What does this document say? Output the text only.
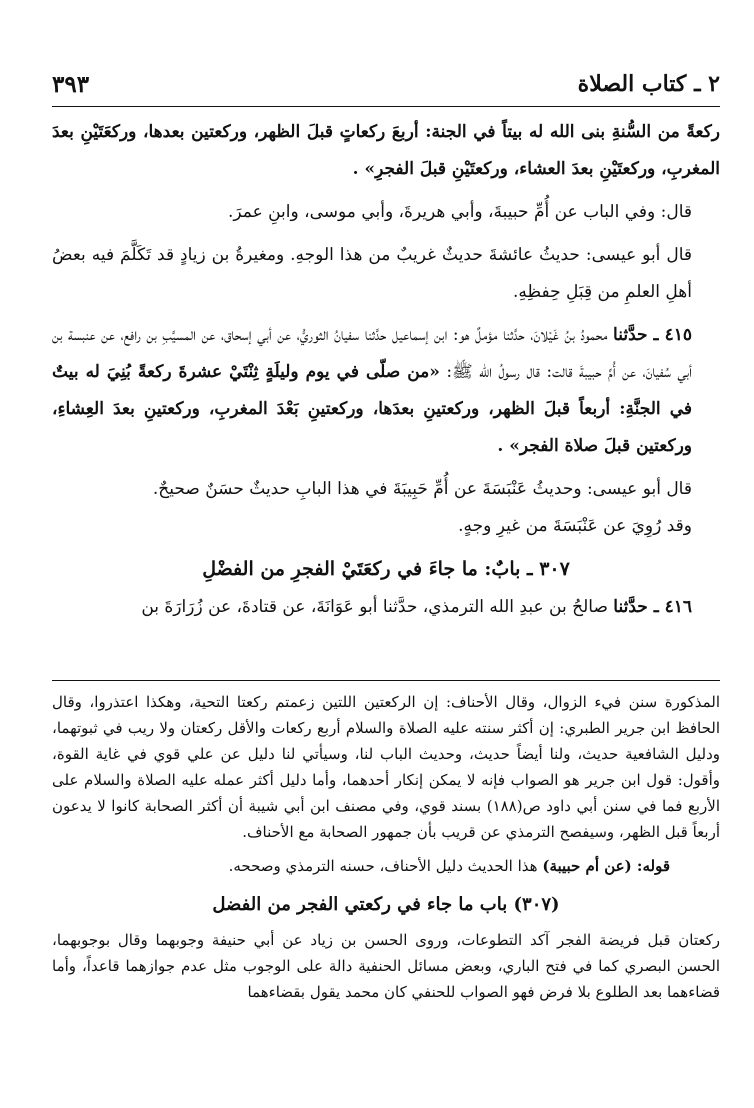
٢ ـ كتاب الصلاة
٣٩٣

ركعةً من السُّنةِ بنى الله له بيتاً في الجنة: أربعَ ركعاتٍ قبلَ الظهر، وركعتين بعدها، وركعَتَيْنِ بعدَ المغربِ، وركعتَيْنِ بعدَ العشاء، وركعتَيْنِ قبلَ الفجرِ» .

قال: وفي الباب عن أُمِّ حبيبةَ، وأبي هريرةَ، وأبي موسى، وابنِ عمرَ.

قال أبو عيسى: حديثُ عائشةَ حديثٌ غريبٌ من هذا الوجهِ. ومغيرةُ بن زيادٍ قد تَكَلَّمَ فيه بعضُ أهلِ العلمِ من قِبَلِ حِفظِهِ.

٤١٥ ـ حدَّثنا محمودُ بنُ غَيْلانَ، حدَّثنا مؤملٌ هو: ابن إسماعيل حدَّثنا سفيانُ الثوريُّ، عن أبي إسحاق، عن المسيَّبِ بن رافع، عن عنبسة بن أبي سُفيانَ، عن أُمِّ حبيبةَ قالت: قال رسولُ الله ﷺ: «من صلّى في يوم وليلَةٍ ثِنْتَيْ عشرةَ ركعةً بُنِيَ له بيتٌ في الجنَّةِ: أربعاً قبلَ الظهر، وركعتينِ بعدَها، وركعتينِ بَعْدَ المغربِ، وركعتينِ بعدَ العِشاءِ، وركعتين قبلَ صلاة الفجر» .

قال أبو عيسى: وحديثُ عَنْبَسَةَ عن أُمِّ حَبِيبَةَ في هذا البابِ حديثٌ حسَنٌ صحيحٌ.

وقد رُوِيَ عن عَنْبَسَةَ من غيرِ وجهٍ.

٣٠٧ ـ بابٌ: ما جاءَ في ركعَتَيْ الفجرِ من الفضْلِ

٤١٦ ـ حدَّثنا صالحُ بن عبدِ الله الترمذي، حدَّثنا أبو عَوَانَةَ، عن قتادةَ، عن زُرَارَةَ بن

المذكورة سنن فيء الزوال، وقال الأحناف: إن الركعتين اللتين زعمتم ركعتا التحية، وهكذا اعتذروا، وقال الحافظ ابن جرير الطبري: إن أكثر سنته عليه الصلاة والسلام أربع ركعات والأقل ركعتان ولا ريب في ثبوتهما، ودليل الشافعية حديث، ولنا أيضاً حديث، وحديث الباب لنا، وسيأتي لنا دليل عن علي قوي في غاية القوة، وأقول: قول ابن جرير هو الصواب فإنه لا يمكن إنكار أحدهما، وأما دليل أكثر عمله عليه الصلاة والسلام على الأربع فما في سنن أبي داود ص(١٨٨) بسند قوي، وفي مصنف ابن أبي شيبة أن أكثر الصحابة كانوا لا يدعون أربعاً قبل الظهر، وسيفصح الترمذي عن قريب بأن جمهور الصحابة مع الأحناف.

قوله: (عن أم حبيبة) هذا الحديث دليل الأحناف، حسنه الترمذي وصححه.

(٣٠٧) باب ما جاء في ركعتي الفجر من الفضل

ركعتان قبل فريضة الفجر آكد التطوعات، وروى الحسن بن زياد عن أبي حنيفة وجوبهما وقال بوجوبهما، الحسن البصري كما في فتح الباري، وبعض مسائل الحنفية دالة على الوجوب مثل عدم جوازهما قاعداً، وأما قضاءهما بعد الطلوع بلا فرض فهو الصواب للحنفي كان محمد يقول بقضاءهما
